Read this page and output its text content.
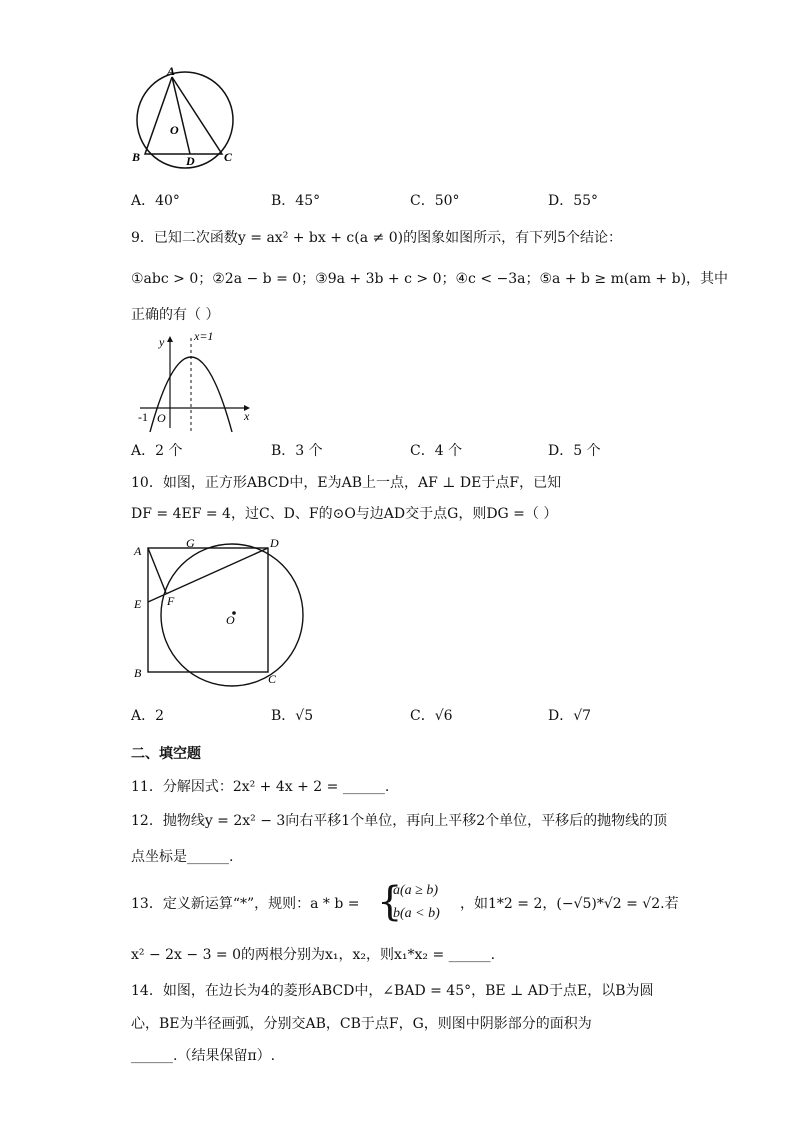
A
O
B	D C
A．40°	B．45°	C．50°	D．55°
9．已知二次函数y = ax² + bx + c(a ≠ 0)的图象如图所示，有下列5个结论：
①abc > 0；②2a − b = 0；③9a + 3b + c > 0；④c < −3a；⑤a + b ≥ m(am + b)，其中
正确的有（ ）
y x=1
-1 O	x
A．2 个	B．3 个	C．4 个	D．5 个
10．如图，正方形ABCD中，E为AB上一点，AF ⊥ DE于点F，已知
DF = 4EF = 4，过C、D、F的⊙O与边AD交于点G，则DG =（ ）
A
G	D
E F
O
B	C
A．2	B．√5	C．√6	D．√7
二、填空题
11．分解因式：2x² + 4x + 2 = ______.
12．抛物线y = 2x² − 3向右平移1个单位，再向上平移2个单位，平移后的抛物线的顶
点坐标是______.
13．定义新运算“*”，规则：a * b = {
a(a ≥ b)
b(a < b)
，如1*2 = 2，(−√5)*√2 = √2.若
x² − 2x − 3 = 0的两根分别为x₁，x₂，则x₁*x₂ = ______.
14．如图，在边长为4的菱形ABCD中，∠BAD = 45°，BE ⊥ AD于点E，以B为圆
心，BE为半径画弧，分别交AB，CB于点F，G，则图中阴影部分的面积为
______.（结果保留π）.
